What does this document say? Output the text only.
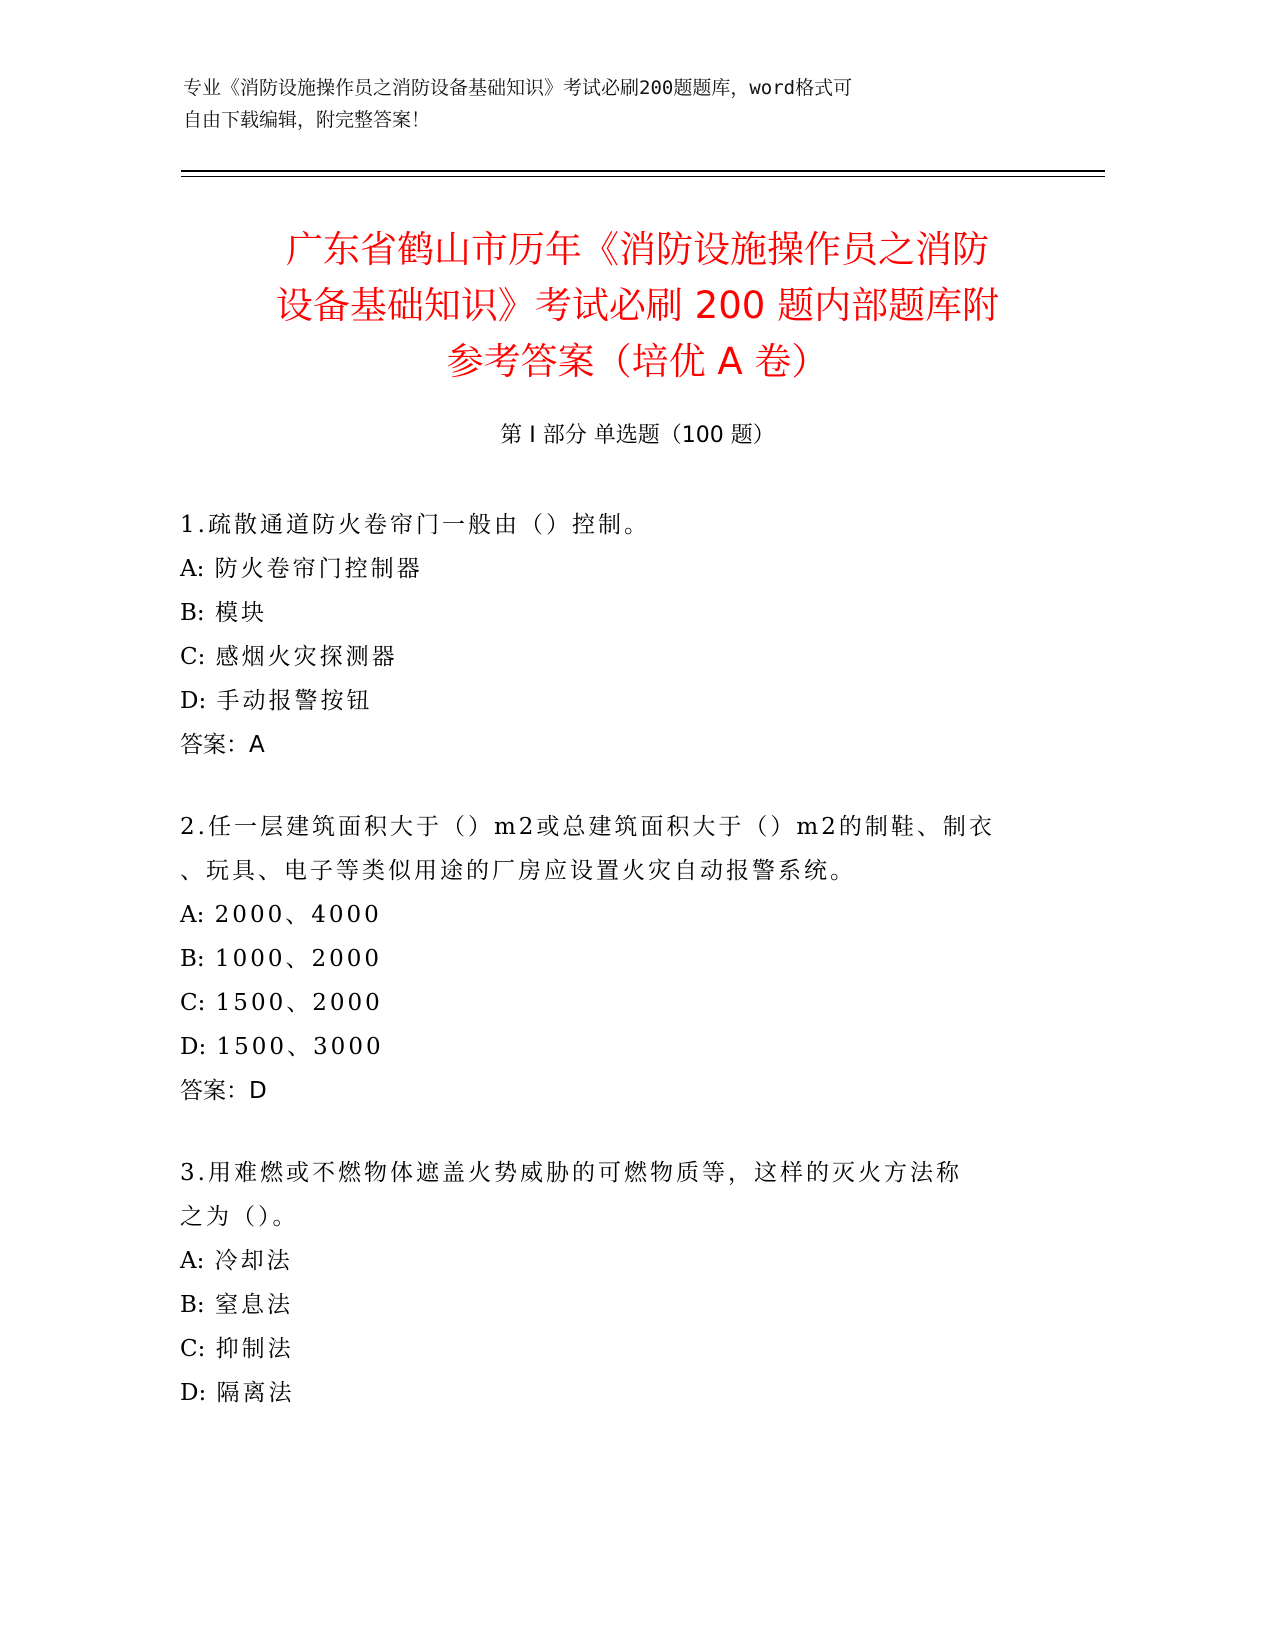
专业《消防设施操作员之消防设备基础知识》考试必刷200题题库，word格式可
自由下载编辑，附完整答案！
广东省鹤山市历年《消防设施操作员之消防
设备基础知识》考试必刷 200 题内部题库附
参考答案（培优 A 卷）
第 I 部分 单选题（100 题）
1.疏散通道防火卷帘门一般由（）控制。
A: 防火卷帘门控制器
B: 模块
C: 感烟火灾探测器
D: 手动报警按钮
答案：A
2.任一层建筑面积大于（）m2或总建筑面积大于（）m2的制鞋、制衣
、玩具、电子等类似用途的厂房应设置火灾自动报警系统。
A: 2000、4000
B: 1000、2000
C: 1500、2000
D: 1500、3000
答案：D
3.用难燃或不燃物体遮盖火势威胁的可燃物质等，这样的灭火方法称
之为（）。
A: 冷却法
B: 窒息法
C: 抑制法
D: 隔离法
